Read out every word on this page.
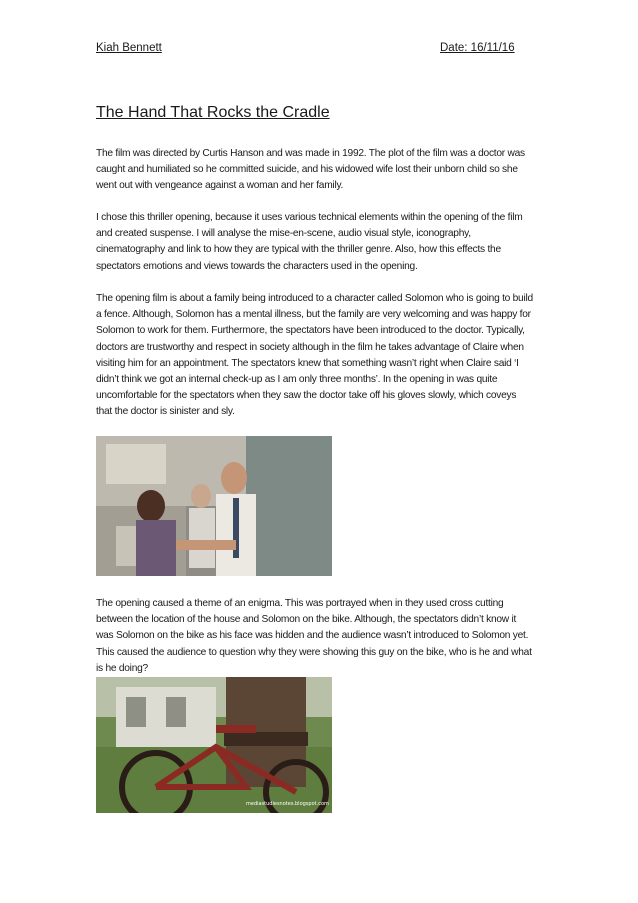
Kiah Bennett	Date: 16/11/16
The Hand That Rocks the Cradle

The film was directed by Curtis Hanson and was made in 1992. The plot of the film was a doctor was caught and humiliated so he committed suicide, and his widowed wife lost their unborn child so she went out with vengeance against a woman and her family.

I chose this thriller opening, because it uses various technical elements within the opening of the film and created suspense. I will analyse the mise-en-scene, audio visual style, iconography, cinematography and link to how they are typical with the thriller genre. Also, how this effects the spectators emotions and views towards the characters used in the opening.

The opening film is about a family being introduced to a character called Solomon who is going to build a fence. Although, Solomon has a mental illness, but the family are very welcoming and was happy for Solomon to work for them. Furthermore, the spectators have been introduced to the doctor. Typically, doctors are trustworthy and respect in society although in the film he takes advantage of Claire when visiting him for an appointment. The spectators knew that something wasn’t right when Claire said ‘I didn’t think we got an internal check-up as I am only three months’. In the opening in was quite uncomfortable for the spectators when they saw the doctor take off his gloves slowly, which coveys that the doctor is sinister and sly.

The opening caused a theme of an enigma. This was portrayed when in they used cross cutting between the location of the house and Solomon on the bike. Although, the spectators didn’t know it was Solomon on the bike as his face was hidden and the audience wasn’t introduced to Solomon yet. This caused the audience to question why they were showing this guy on the bike, who is he and what is he doing?

mediastudiesnotes.blogspot.com
